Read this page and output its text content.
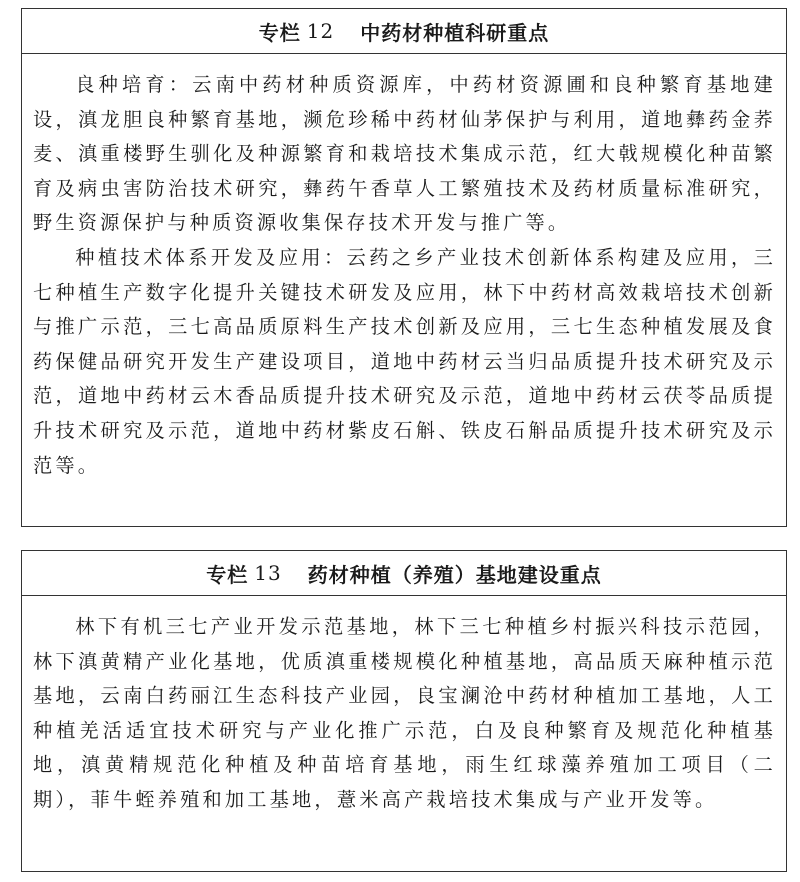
专栏 12 中药材种植科研重点

良种培育：云南中药材种质资源库，中药材资源圃和良种繁育基地建设，滇龙胆良种繁育基地，濒危珍稀中药材仙茅保护与利用，道地彝药金荞麦、滇重楼野生驯化及种源繁育和栽培技术集成示范，红大戟规模化种苗繁育及病虫害防治技术研究，彝药午香草人工繁殖技术及药材质量标准研究，野生资源保护与种质资源收集保存技术开发与推广等。

种植技术体系开发及应用：云药之乡产业技术创新体系构建及应用，三七种植生产数字化提升关键技术研发及应用，林下中药材高效栽培技术创新与推广示范，三七高品质原料生产技术创新及应用，三七生态种植发展及食药保健品研究开发生产建设项目，道地中药材云当归品质提升技术研究及示范，道地中药材云木香品质提升技术研究及示范，道地中药材云茯苓品质提升技术研究及示范，道地中药材紫皮石斛、铁皮石斛品质提升技术研究及示范等。

专栏 13 药材种植（养殖）基地建设重点

林下有机三七产业开发示范基地，林下三七种植乡村振兴科技示范园，林下滇黄精产业化基地，优质滇重楼规模化种植基地，高品质天麻种植示范基地，云南白药丽江生态科技产业园，良宝澜沧中药材种植加工基地，人工种植羌活适宜技术研究与产业化推广示范，白及良种繁育及规范化种植基地，滇黄精规范化种植及种苗培育基地，雨生红球藻养殖加工项目（二期），菲牛蛭养殖和加工基地，薏米高产栽培技术集成与产业开发等。
